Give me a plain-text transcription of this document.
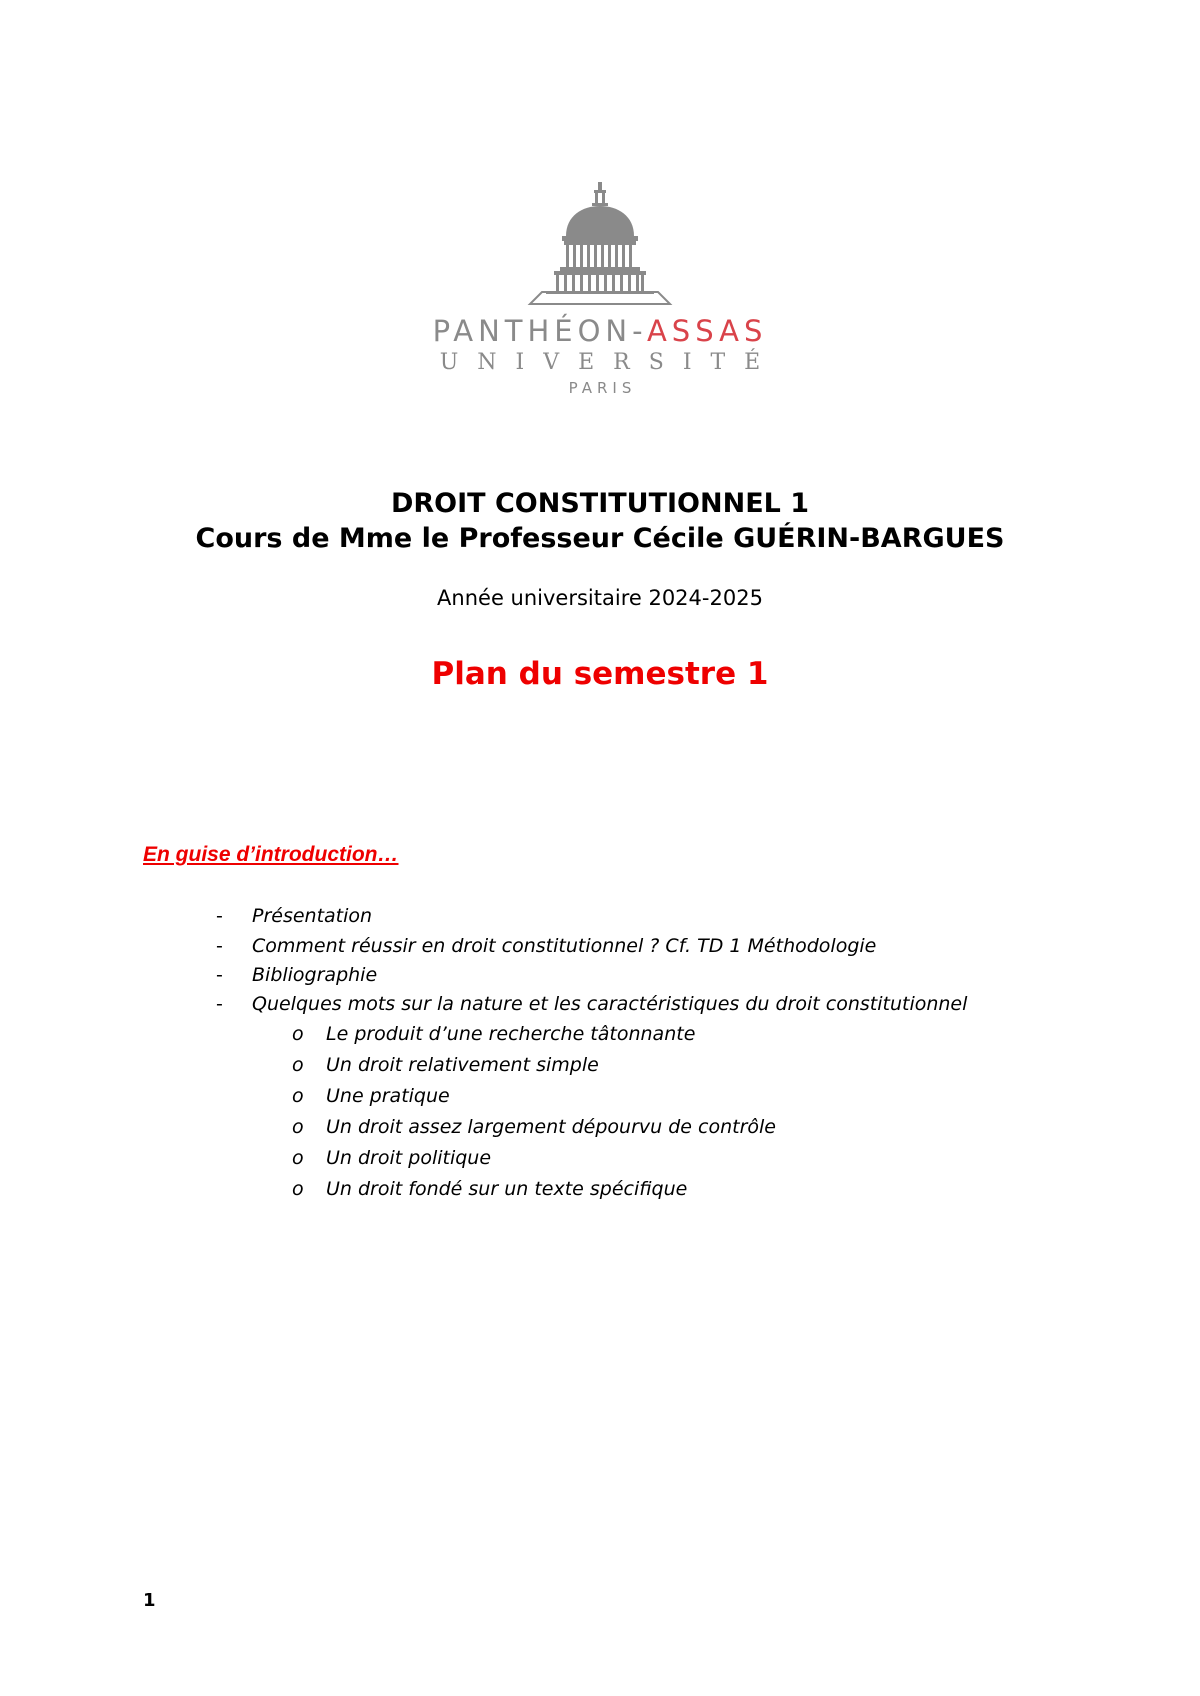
PANTHÉON-ASSAS
UNIVERSITÉ
PARIS
DROIT CONSTITUTIONNEL 1
Cours de Mme le Professeur Cécile GUÉRIN-BARGUES
Année universitaire 2024-2025
Plan du semestre 1
En guise d’introduction…
- Présentation
- Comment réussir en droit constitutionnel ? Cf. TD 1 Méthodologie
- Bibliographie
- Quelques mots sur la nature et les caractéristiques du droit constitutionnel
o Le produit d’une recherche tâtonnante
o Un droit relativement simple
o Une pratique
o Un droit assez largement dépourvu de contrôle
o Un droit politique
o Un droit fondé sur un texte spécifique
1
